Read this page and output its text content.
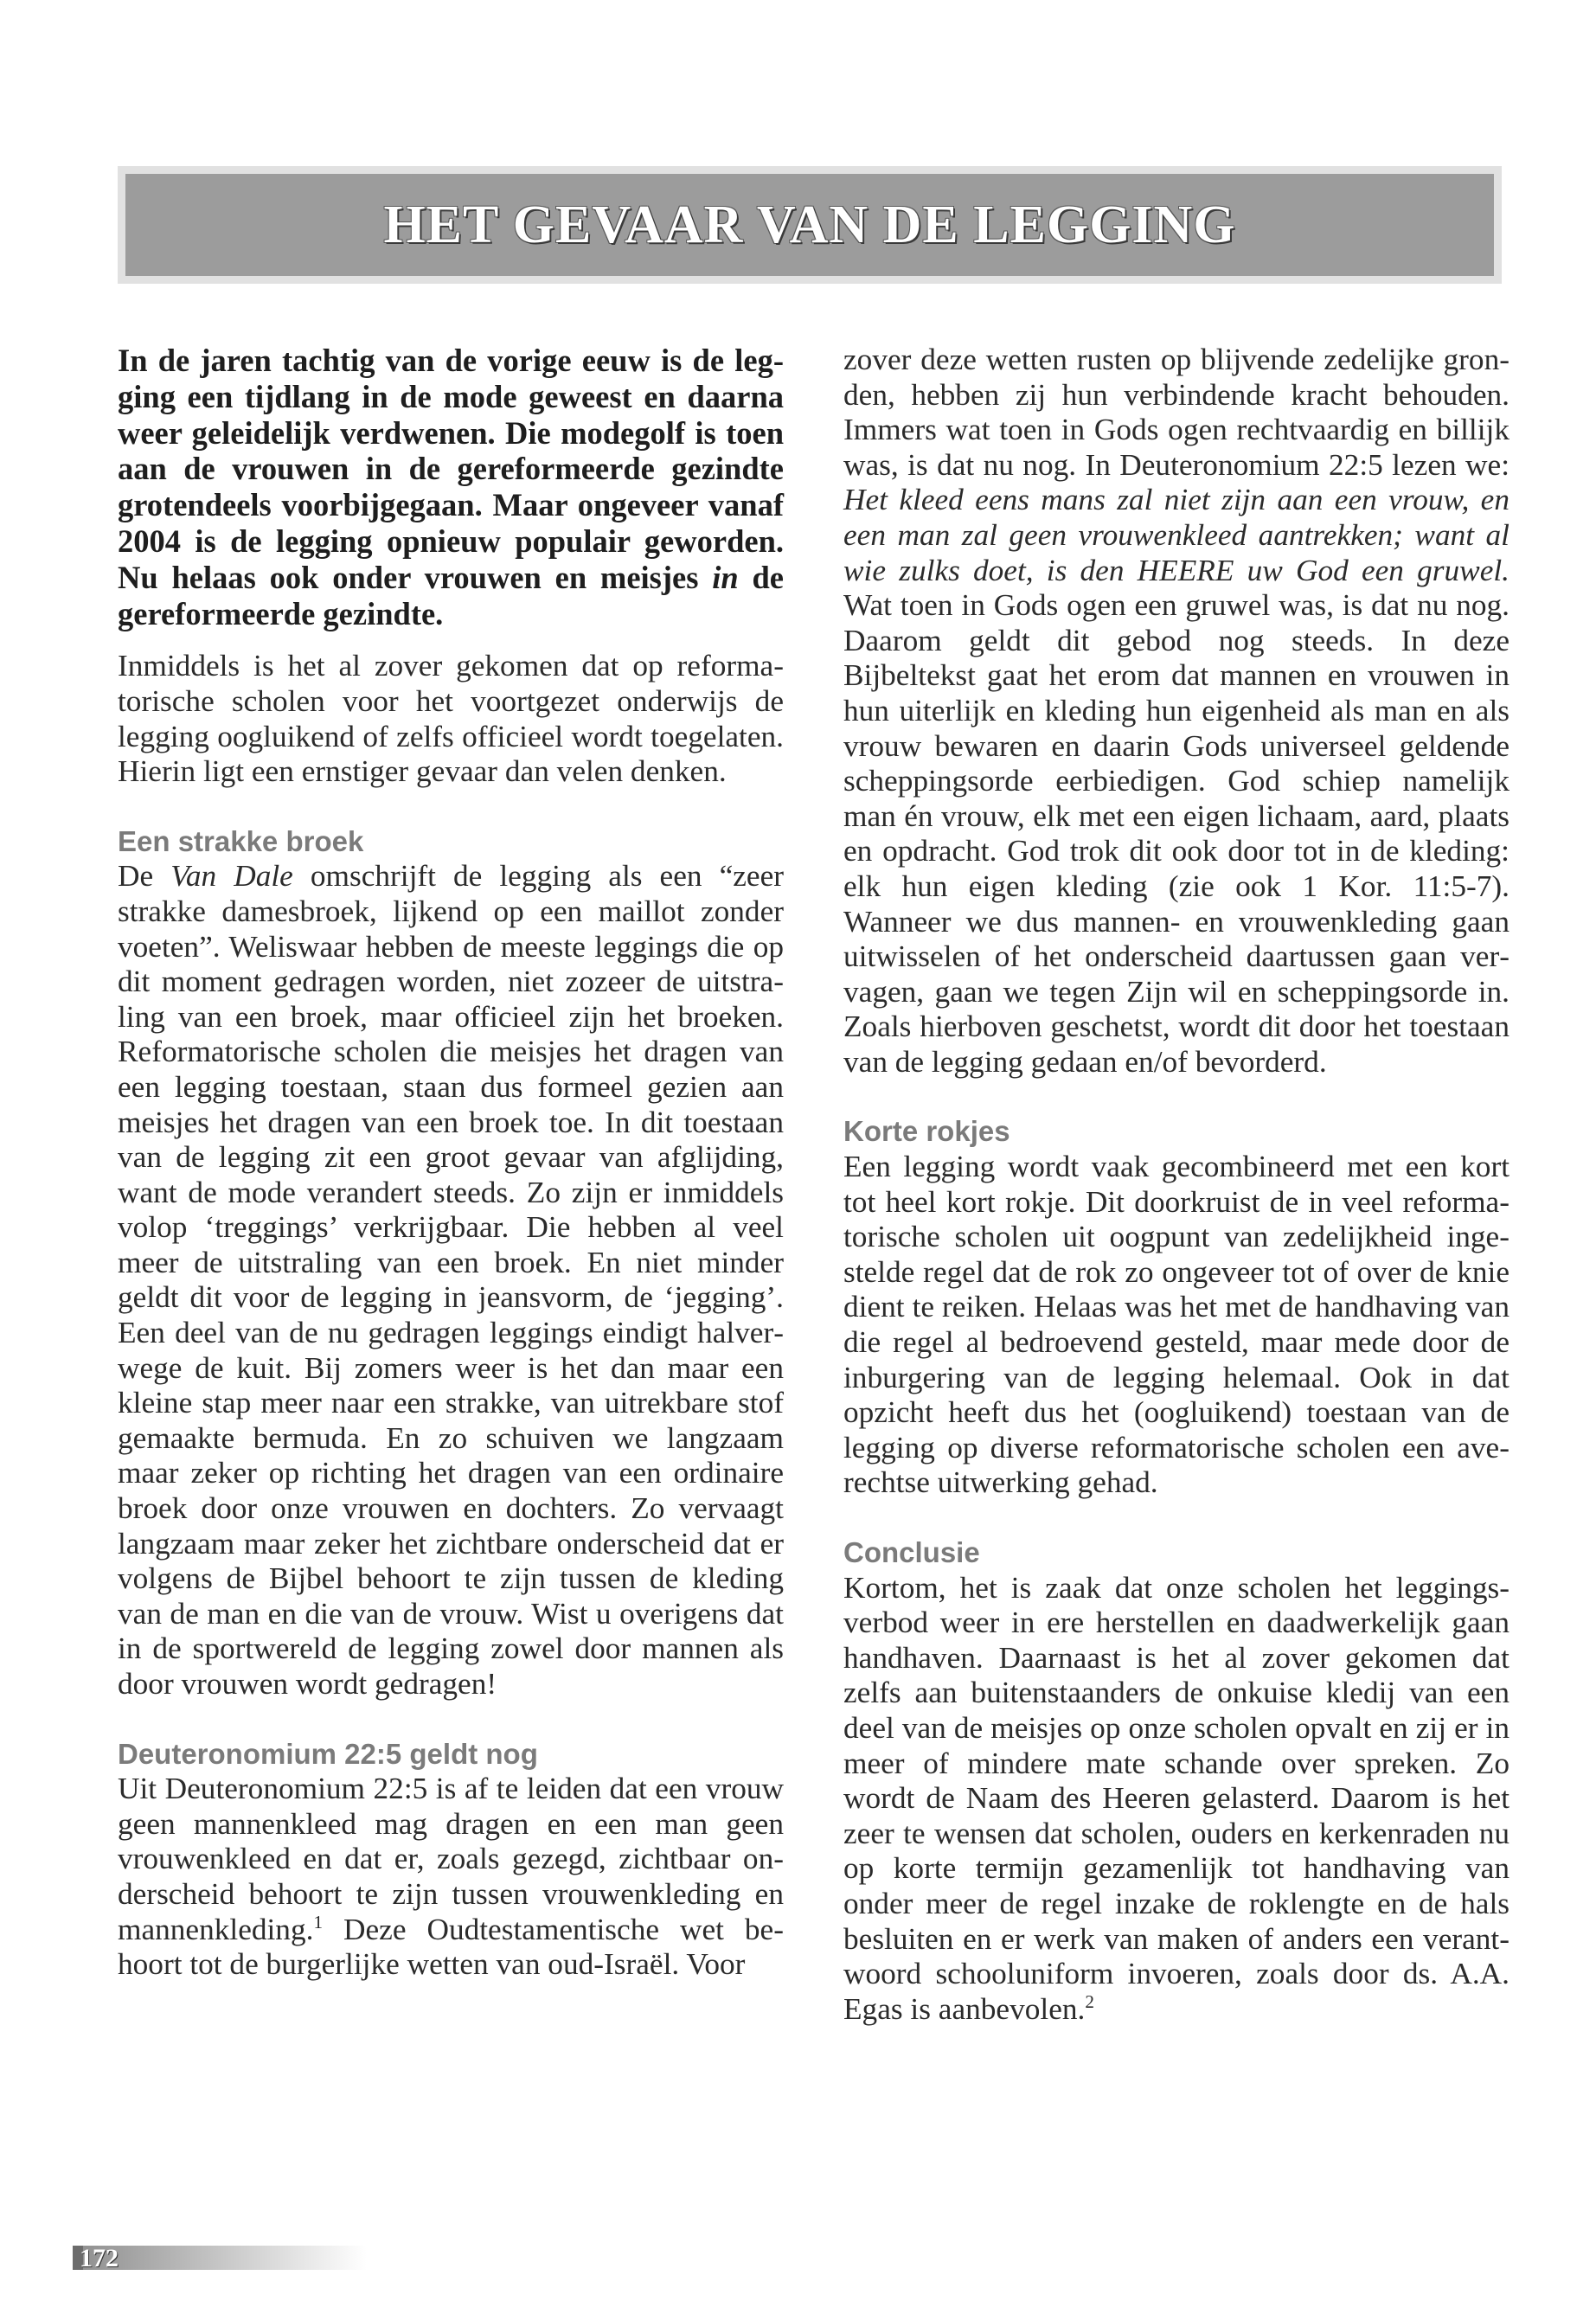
HET GEVAAR VAN DE LEGGING

In de jaren tachtig van de vorige eeuw is de legging een tijdlang in de mode geweest en daarna weer geleidelijk verdwenen. Die modegolf is toen aan de vrouwen in de gereformeerde gezindte grotendeels voorbijgegaan. Maar ongeveer vanaf 2004 is de legging opnieuw populair geworden. Nu helaas ook onder vrouwen en meisjes in de gereformeerde gezindte.

Inmiddels is het al zover gekomen dat op reformatorische scholen voor het voortgezet onderwijs de legging oogluikend of zelfs officieel wordt toegelaten. Hierin ligt een ernstiger gevaar dan velen denken.

Een strakke broek

De Van Dale omschrijft de legging als een “zeer strakke damesbroek, lijkend op een maillot zonder voeten”. Weliswaar hebben de meeste leggings die op dit moment gedragen worden, niet zozeer de uitstraling van een broek, maar officieel zijn het broeken. Reformatorische scholen die meisjes het dragen van een legging toestaan, staan dus formeel gezien aan meisjes het dragen van een broek toe. In dit toestaan van de legging zit een groot gevaar van afglijding, want de mode verandert steeds. Zo zijn er inmiddels volop ‘treggings’ verkrijgbaar. Die hebben al veel meer de uitstraling van een broek. En niet minder geldt dit voor de legging in jeansvorm, de ‘jegging’. Een deel van de nu gedragen leggings eindigt halverwege de kuit. Bij zomers weer is het dan maar een kleine stap meer naar een strakke, van uitrekbare stof gemaakte bermuda. En zo schuiven we langzaam maar zeker op richting het dragen van een ordinaire broek door onze vrouwen en dochters. Zo vervaagt langzaam maar zeker het zichtbare onderscheid dat er volgens de Bijbel behoort te zijn tussen de kleding van de man en die van de vrouw. Wist u overigens dat in de sportwereld de legging zowel door mannen als door vrouwen wordt gedragen!

Deuteronomium 22:5 geldt nog

Uit Deuteronomium 22:5 is af te leiden dat een vrouw geen mannenkleed mag dragen en een man geen vrouwenkleed en dat er, zoals gezegd, zichtbaar onderscheid behoort te zijn tussen vrouwenkleding en mannenkleding.$^1$ Deze Oudtestamentische wet behoort tot de burgerlijke wetten van oud-Israël. Voor

zover deze wetten rusten op blijvende zedelijke gronden, hebben zij hun verbindende kracht behouden. Immers wat toen in Gods ogen rechtvaardig en billijk was, is dat nu nog. In Deuteronomium 22:5 lezen we: Het kleed eens mans zal niet zijn aan een vrouw, en een man zal geen vrouwenkleed aantrekken; want al wie zulks doet, is den HEERE uw God een gruwel. Wat toen in Gods ogen een gruwel was, is dat nu nog. Daarom geldt dit gebod nog steeds. In deze Bijbeltekst gaat het erom dat mannen en vrouwen in hun uiterlijk en kleding hun eigenheid als man en als vrouw bewaren en daarin Gods universeel geldende scheppingsorde eerbiedigen. God schiep namelijk man én vrouw, elk met een eigen lichaam, aard, plaats en opdracht. God trok dit ook door tot in de kleding: elk hun eigen kleding (zie ook 1 Kor. 11:5-7). Wanneer we dus mannen- en vrouwenkleding gaan uitwisselen of het onderscheid daartussen gaan vervagen, gaan we tegen Zijn wil en scheppingsorde in. Zoals hierboven geschetst, wordt dit door het toestaan van de legging gedaan en/of bevorderd.

Korte rokjes

Een legging wordt vaak gecombineerd met een kort tot heel kort rokje. Dit doorkruist de in veel reformatorische scholen uit oogpunt van zedelijkheid ingestelde regel dat de rok zo ongeveer tot of over de knie dient te reiken. Helaas was het met de handhaving van die regel al bedroevend gesteld, maar mede door de inburgering van de legging helemaal. Ook in dat opzicht heeft dus het (oogluikend) toestaan van de legging op diverse reformatorische scholen een averechtse uitwerking gehad.

Conclusie

Kortom, het is zaak dat onze scholen het leggingsverbod weer in ere herstellen en daadwerkelijk gaan handhaven. Daarnaast is het al zover gekomen dat zelfs aan buitenstaanders de onkuise kledij van een deel van de meisjes op onze scholen opvalt en zij er in meer of mindere mate schande over spreken. Zo wordt de Naam des Heeren gelasterd. Daarom is het zeer te wensen dat scholen, ouders en kerkenraden nu op korte termijn gezamenlijk tot handhaving van onder meer de regel inzake de roklengte en de hals besluiten en er werk van maken of anders een verantwoord schooluniform invoeren, zoals door ds. A.A. Egas is aanbevolen.$^2$

172
